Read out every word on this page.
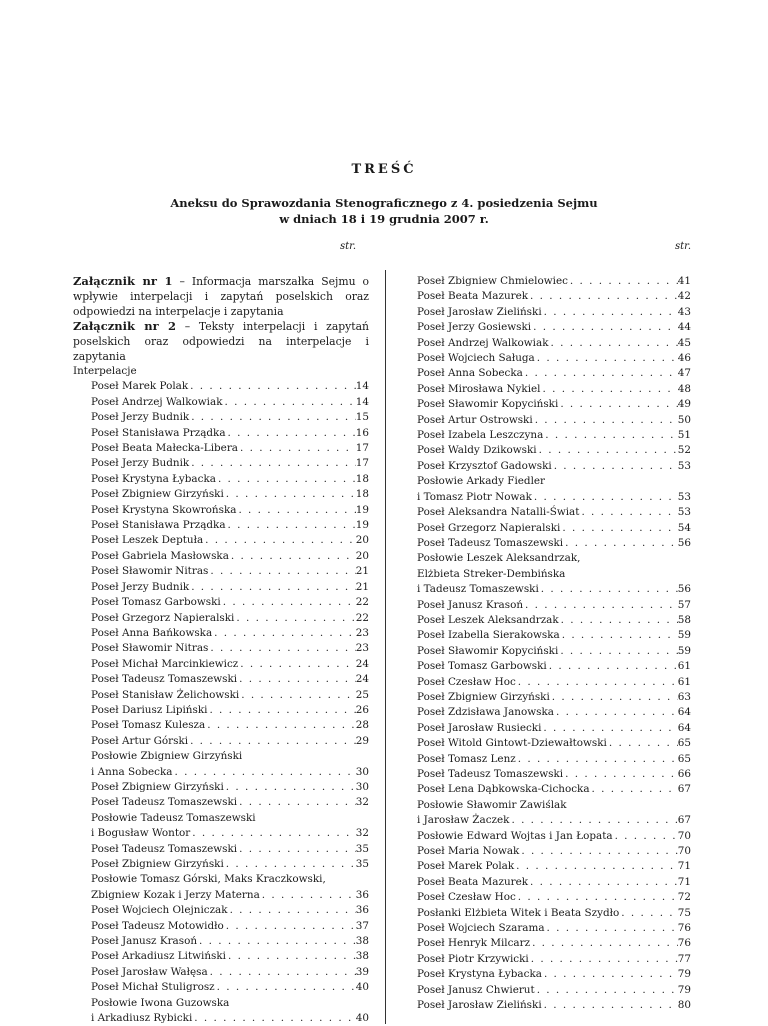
TREŚĆ
Aneksu do Sprawozdania Stenograficznego z 4. posiedzenia Sejmu
w dniach 18 i 19 grudnia 2007 r.
str.	str.

Załącznik nr 1 – Informacja marszałka Sejmu o wpływie interpelacji i zapytań poselskich oraz odpowiedzi na interpelacje i zapytania

Załącznik nr 2 – Teksty interpelacji i zapytań poselskich oraz odpowiedzi na interpelacje i zapytania

Interpelacje
Poseł Marek Polak . . .	14
Poseł Andrzej Walkowiak . . .	14
Poseł Jerzy Budnik . . .	15
Poseł Stanisława Prządka . . .	16
Poseł Beata Małecka-Libera . . .	17
Poseł Jerzy Budnik . . .	17
Poseł Krystyna Łybacka . . .	18
Poseł Zbigniew Girzyński . . .	18
Poseł Krystyna Skowrońska . . .	19
Poseł Stanisława Prządka . . .	19
Poseł Leszek Deptuła . . .	20
Poseł Gabriela Masłowska . . .	20
Poseł Sławomir Nitras . . .	21
Poseł Jerzy Budnik . . .	21
Poseł Tomasz Garbowski . . .	22
Poseł Grzegorz Napieralski . . .	22
Poseł Anna Bańkowska . . .	23
Poseł Sławomir Nitras . . .	23
Poseł Michał Marcinkiewicz . . .	24
Poseł Tadeusz Tomaszewski . . .	24
Poseł Stanisław Żelichowski . . .	25
Poseł Dariusz Lipiński . . .	26
Poseł Tomasz Kulesza . . .	28
Poseł Artur Górski . . .	29
Posłowie Zbigniew Girzyński
i Anna Sobecka . . .	30
Poseł Zbigniew Girzyński . . .	30
Poseł Tadeusz Tomaszewski . . .	32
Posłowie Tadeusz Tomaszewski
i Bogusław Wontor . . .	32
Poseł Tadeusz Tomaszewski . . .	35
Poseł Zbigniew Girzyński . . .	35
Posłowie Tomasz Górski, Maks Kraczkowski,
Zbigniew Kozak i Jerzy Materna . . .	36
Poseł Wojciech Olejniczak . . .	36
Poseł Tadeusz Motowidło . . .	37
Poseł Janusz Krasoń . . .	38
Poseł Arkadiusz Litwiński . . .	38
Poseł Jarosław Wałęsa . . .	39
Poseł Michał Stuligrosz . . .	40
Posłowie Iwona Guzowska
i Arkadiusz Rybicki . . .	40
Poseł Zbigniew Chmielowiec . . .	41
Poseł Beata Mazurek . . .	42
Poseł Jarosław Zieliński . . .	43
Poseł Jerzy Gosiewski . . .	44
Poseł Andrzej Walkowiak . . .	45
Poseł Wojciech Saługa . . .	46
Poseł Anna Sobecka . . .	47
Poseł Mirosława Nykiel . . .	48
Poseł Sławomir Kopyciński . . .	49
Poseł Artur Ostrowski . . .	50
Poseł Izabela Leszczyna . . .	51
Poseł Waldy Dzikowski . . .	52
Poseł Krzysztof Gadowski . . .	53
Posłowie Arkady Fiedler
i Tomasz Piotr Nowak . . .	53
Poseł Aleksandra Natalli-Świat . . .	53
Poseł Grzegorz Napieralski . . .	54
Poseł Tadeusz Tomaszewski . . .	56
Posłowie Leszek Aleksandrzak,
Elżbieta Streker-Dembińska
i Tadeusz Tomaszewski . . .	56
Poseł Janusz Krasoń . . .	57
Poseł Leszek Aleksandrzak . . .	58
Poseł Izabella Sierakowska . . .	59
Poseł Sławomir Kopyciński . . .	59
Poseł Tomasz Garbowski . . .	61
Poseł Czesław Hoc . . .	61
Poseł Zbigniew Girzyński . . .	63
Poseł Zdzisława Janowska . . .	64
Poseł Jarosław Rusiecki . . .	64
Poseł Witold Gintowt-Dziewałtowski . . .	65
Poseł Tomasz Lenz . . .	65
Poseł Tadeusz Tomaszewski . . .	66
Poseł Lena Dąbkowska-Cichocka . . .	67
Posłowie Sławomir Zawiślak
i Jarosław Żaczek . . .	67
Posłowie Edward Wojtas i Jan Łopata . . .	70
Poseł Maria Nowak . . .	70
Poseł Marek Polak . . .	71
Poseł Beata Mazurek . . .	71
Poseł Czesław Hoc . . .	72
Posłanki Elżbieta Witek i Beata Szydło . . .	75
Poseł Wojciech Szarama . . .	76
Poseł Henryk Milcarz . . .	76
Poseł Piotr Krzywicki . . .	77
Poseł Krystyna Łybacka . . .	79
Poseł Janusz Chwierut . . .	79
Poseł Jarosław Zieliński . . .	80
